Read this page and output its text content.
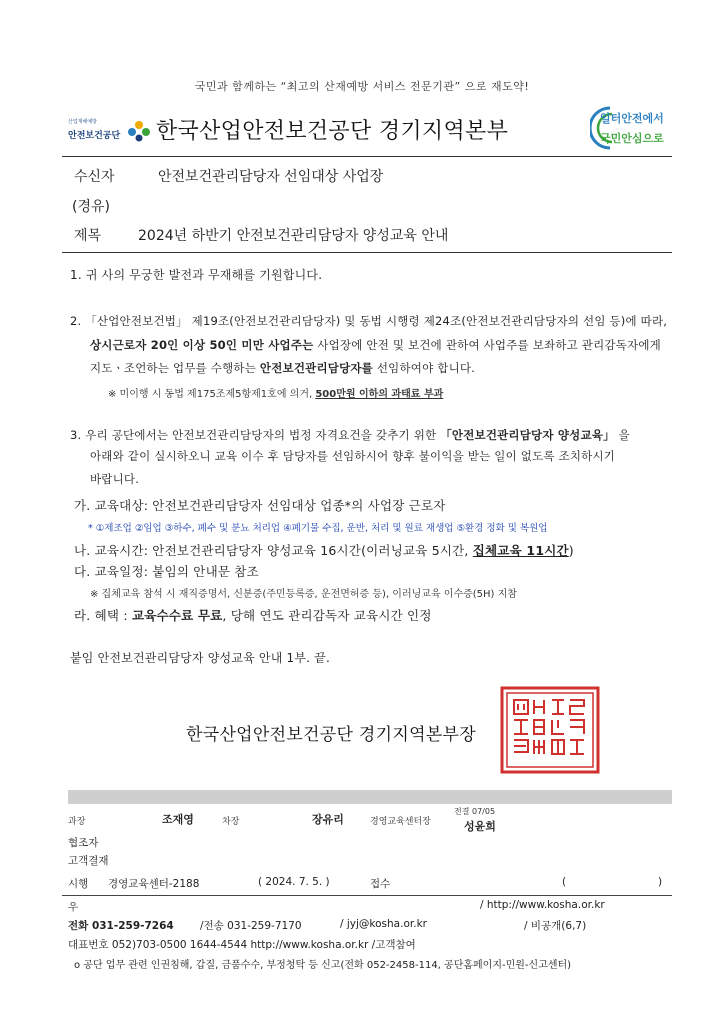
국민과 함께하는 “최고의 산재예방 서비스 전문기관” 으로 재도약!
산업재해예방
안전보건공단 한국산업안전보건공단 경기지역본부
일터안전에서
국민안심으로
수신자	안전보건관리담당자 선임대상 사업장
(경유)
제목	2024년 하반기 안전보건관리담당자 양성교육 안내
1. 귀 사의 무궁한 발전과 무재해를 기원합니다.
2. 「산업안전보건법」 제19조(안전보건관리담당자) 및 동법 시행령 제24조(안전보건관리담당자의 선임 등)에 따라,
상시근로자 20인 이상 50인 미만 사업주는 사업장에 안전 및 보건에 관하여 사업주를 보좌하고 관리감독자에게
지도ㆍ조언하는 업무를 수행하는 안전보건관리담당자를 선임하여야 합니다.
※ 미이행 시 동법 제175조제5항제1호에 의거, 500만원 이하의 과태료 부과
3. 우리 공단에서는 안전보건관리담당자의 법정 자격요건을 갖추기 위한 「안전보건관리담당자 양성교육」 을
아래와 같이 실시하오니 교육 이수 후 담당자를 선임하시어 향후 불이익을 받는 일이 없도록 조치하시기
바랍니다.
가. 교육대상: 안전보건관리담당자 선임대상 업종*의 사업장 근로자
* ①제조업 ②임업 ③하수, 폐수 및 분뇨 처리업 ④폐기물 수집, 운반, 처리 및 원료 재생업 ⑤환경 정화 및 복원업
나. 교육시간: 안전보건관리담당자 양성교육 16시간(이러닝교육 5시간, 집체교육 11시간)
다. 교육일정: 붙임의 안내문 참조
※ 집체교육 참석 시 재직증명서, 신분증(주민등록증, 운전면허증 등), 이러닝교육 이수증(5H) 지참
라. 혜택 : 교육수수료 무료, 당해 연도 관리감독자 교육시간 인정
붙임 안전보건관리담당자 양성교육 안내 1부. 끝.
한국산업안전보건공단 경기지역본부장
과장	조재영	차장	장유리	경영교육센터장
전결 07/05
성윤희
협조자
고객결재
시행 경영교육센터-2188	( 2024. 7. 5. )	접수	(	)
우	/ http://www.kosha.or.kr
전화 031-259-7264	/전송 031-259-7170	/ jyj@kosha.or.kr	/ 비공개(6,7)
대표번호 052)703-0500 1644-4544 http://www.kosha.or.kr /고객참여
o 공단 업무 관련 인권침해, 갑질, 금품수수, 부정청탁 등 신고(전화 052-2458-114, 공단홈페이지-민원-신고센터)
